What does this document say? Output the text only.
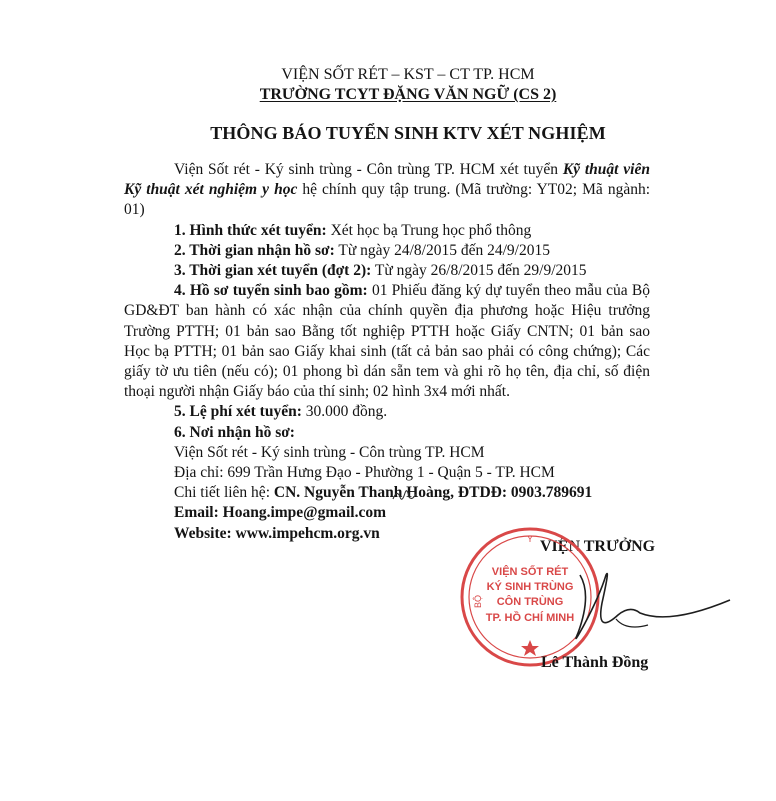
VIỆN SỐT RÉT – KST – CT TP. HCM
TRƯỜNG TCYT ĐẶNG VĂN NGỮ (CS 2)
THÔNG BÁO TUYỂN SINH KTV XÉT NGHIỆM

Viện Sốt rét - Ký sinh trùng - Côn trùng TP. HCM xét tuyển Kỹ thuật viên Kỹ thuật xét nghiệm y học hệ chính quy tập trung. (Mã trường: YT02; Mã ngành: 01)

1. Hình thức xét tuyển: Xét học bạ Trung học phổ thông

2. Thời gian nhận hồ sơ: Từ ngày 24/8/2015 đến 24/9/2015

3. Thời gian xét tuyển (đợt 2): Từ ngày 26/8/2015 đến 29/9/2015

4. Hồ sơ tuyển sinh bao gồm: 01 Phiếu đăng ký dự tuyển theo mẫu của Bộ GD&ĐT ban hành có xác nhận của chính quyền địa phương hoặc Hiệu trưởng Trường PTTH; 01 bản sao Bằng tốt nghiệp PTTH hoặc Giấy CNTN; 01 bản sao Học bạ PTTH; 01 bản sao Giấy khai sinh (tất cả bản sao phải có công chứng); Các giấy tờ ưu tiên (nếu có); 01 phong bì dán sẵn tem và ghi rõ họ tên, địa chỉ, số điện thoại người nhận Giấy báo của thí sinh; 02 hình 3x4 mới nhất.

5. Lệ phí xét tuyển: 30.000 đồng.

6. Nơi nhận hồ sơ:

Viện Sốt rét - Ký sinh trùng - Côn trùng TP. HCM

Địa chỉ: 699 Trần Hưng Đạo - Phường 1 - Quận 5 - TP. HCM

Chi tiết liên hệ: CN. Nguyễn Thanh Hoàng, ĐTDĐ: 0903.789691

Email: Hoang.impe@gmail.com

Website: www.impehcm.org.vn

VIỆN TRƯỞNG
Y
VIỆN SỐT RÉT
KÝ SINH TRÙNG
CÔN TRÙNG
TP. HỒ CHÍ MINH
BỘ
Lê Thành Đồng
